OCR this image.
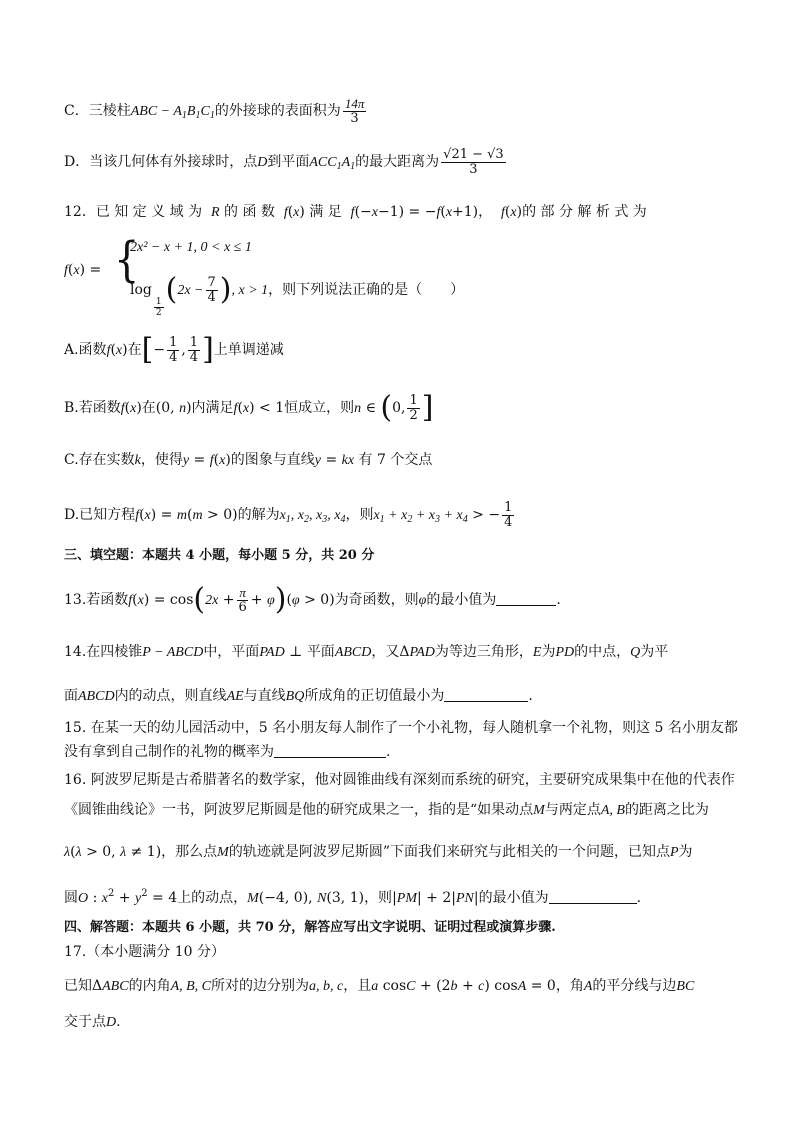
C．三棱柱ABC − $A_1B_1C_1$的外接球的表面积为 $\frac{14\pi}{3}$
D．当该几何体有外接球时，点D到平面$ACC_1A_1$的最大距离为 $\frac{√21 - √3}{3}$
12．已 知 定 义 域 为 R 的 函 数 f(x) 满 足 f(−x−1) = −f(x+1)，  f(x)的 部 分 解 析 式 为
f(x) = {
2x² − x + 1, 0 < x ≤ 1
log
$\frac{1}{2}$
($2x - \frac{7}{4}$ ), x > 1，则下列说法正确的是（　　）
A.函数f(x)在[− $\frac{1}{4}$ , $\frac{1}{4}$ ]上单调递减
B.若函数f(x)在(0, n)内满足f(x) < 1恒成立，则n ∈ (0, $\frac{1}{2}$ ]
C.存在实数k，使得y = f(x)的图象与直线y = kx 有 7 个交点
D.已知方程f(x) = m(m > 0)的解为$x_1$, $x_2$, $x_3$, $x_4$，则$x_1 + x_2 + x_3 + x_4$ > − $\frac{1}{4}$
三、填空题：本题共 4 小题，每小题 5 分，共 20 分
13.若函数$f(x) = \cos(2x + \frac{\pi}{6} + \varphi)(\varphi > 0)$为奇函数，则φ的最小值为	.
14.在四棱锥P − ABCD中，平面PAD ⊥ 平面ABCD，又ΔPAD为等边三角形，E为PD的中点，Q为平
面ABCD内的动点，则直线AE与直线BQ所成角的正切值最小为	.
15. 在某一天的幼儿园活动中，5 名小朋友每人制作了一个小礼物，每人随机拿一个礼物，则这 5 名小朋友都
没有拿到自己制作的礼物的概率为	.
16. 阿波罗尼斯是古希腊著名的数学家，他对圆锥曲线有深刻而系统的研究，主要研究成果集中在他的代表作
《圆锥曲线论》一书，阿波罗尼斯圆是他的研究成果之一，指的是“如果动点M与两定点A, B的距离之比为
λ(λ > 0, λ ≠ 1)，那么点M的轨迹就是阿波罗尼斯圆”下面我们来研究与此相关的一个问题，已知点P为
圆O : $x^2 + y^2 = 4$上的动点，M(−4, 0), N(3, 1)，则|PM| + 2|PN|的最小值为	.
四、解答题：本题共 6 小题，共 70 分，解答应写出文字说明、证明过程或演算步骤.
17.（本小题满分 10 分）
已知ΔABC的内角A, B, C所对的边分别为a, b, c，且a cosC + (2b + c) cosA = 0，角A的平分线与边BC
交于点D.
